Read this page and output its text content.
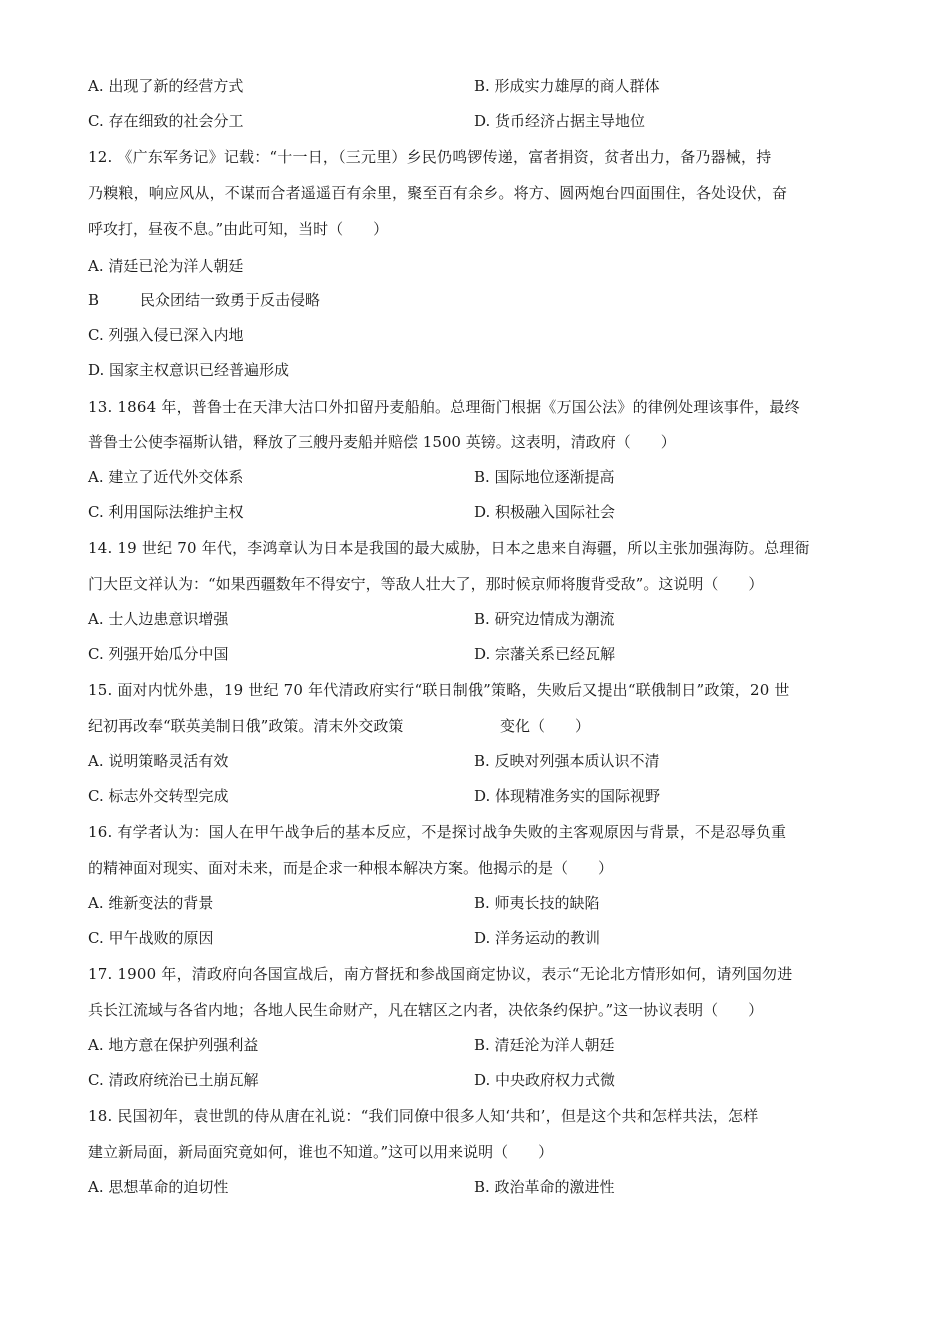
A. 出现了新的经营方式	B. 形成实力雄厚的商人群体
C. 存在细致的社会分工	D. 货币经济占据主导地位
12. 《广东军务记》记载：“十一日，（三元里）乡民仍鸣锣传递，富者捐资，贫者出力，备乃器械，持
乃糗粮，响应风从，不谋而合者遥遥百有余里，聚至百有余乡。将方、圆两炮台四面围住，各处设伏，奋
呼攻打，昼夜不息。”由此可知，当时（　　）
A. 清廷已沦为洋人朝廷
B	民众团结一致勇于反击侵略
C. 列强入侵已深入内地
D. 国家主权意识已经普遍形成
13. 1864 年，普鲁士在天津大沽口外扣留丹麦船舶。总理衙门根据《万国公法》的律例处理该事件，最终
普鲁士公使李福斯认错，释放了三艘丹麦船并赔偿 1500 英镑。这表明，清政府（　　）
A. 建立了近代外交体系	B. 国际地位逐渐提高
C. 利用国际法维护主权	D. 积极融入国际社会
14. 19 世纪 70 年代，李鸿章认为日本是我国的最大威胁，日本之患来自海疆，所以主张加强海防。总理衙
门大臣文祥认为：“如果西疆数年不得安宁，等敌人壮大了，那时候京师将腹背受敌”。这说明（　　）
A. 士人边患意识增强	B. 研究边情成为潮流
C. 列强开始瓜分中国	D. 宗藩关系已经瓦解
15. 面对内忧外患，19 世纪 70 年代清政府实行“联日制俄”策略，失败后又提出“联俄制日”政策，20 世
纪初再改奉“联英美制日俄”政策。清末外交政策	变化（　　）
A. 说明策略灵活有效	B. 反映对列强本质认识不清
C. 标志外交转型完成	D. 体现精准务实的国际视野
16. 有学者认为：国人在甲午战争后的基本反应，不是探讨战争失败的主客观原因与背景，不是忍辱负重
的精神面对现实、面对未来，而是企求一种根本解决方案。他揭示的是（　　）
A. 维新变法的背景	B. 师夷长技的缺陷
C. 甲午战败的原因	D. 洋务运动的教训
17. 1900 年，清政府向各国宣战后，南方督抚和参战国商定协议，表示“无论北方情形如何，请列国勿进
兵长江流域与各省内地；各地人民生命财产，凡在辖区之内者，决依条约保护。”这一协议表明（　　）
A. 地方意在保护列强利益	B. 清廷沦为洋人朝廷
C. 清政府统治已土崩瓦解	D. 中央政府权力式微
18. 民国初年，袁世凯的侍从唐在礼说：“我们同僚中很多人知‘共和’，但是这个共和怎样共法，怎样
建立新局面，新局面究竟如何，谁也不知道。”这可以用来说明（　　）
A. 思想革命的迫切性	B. 政治革命的激进性
